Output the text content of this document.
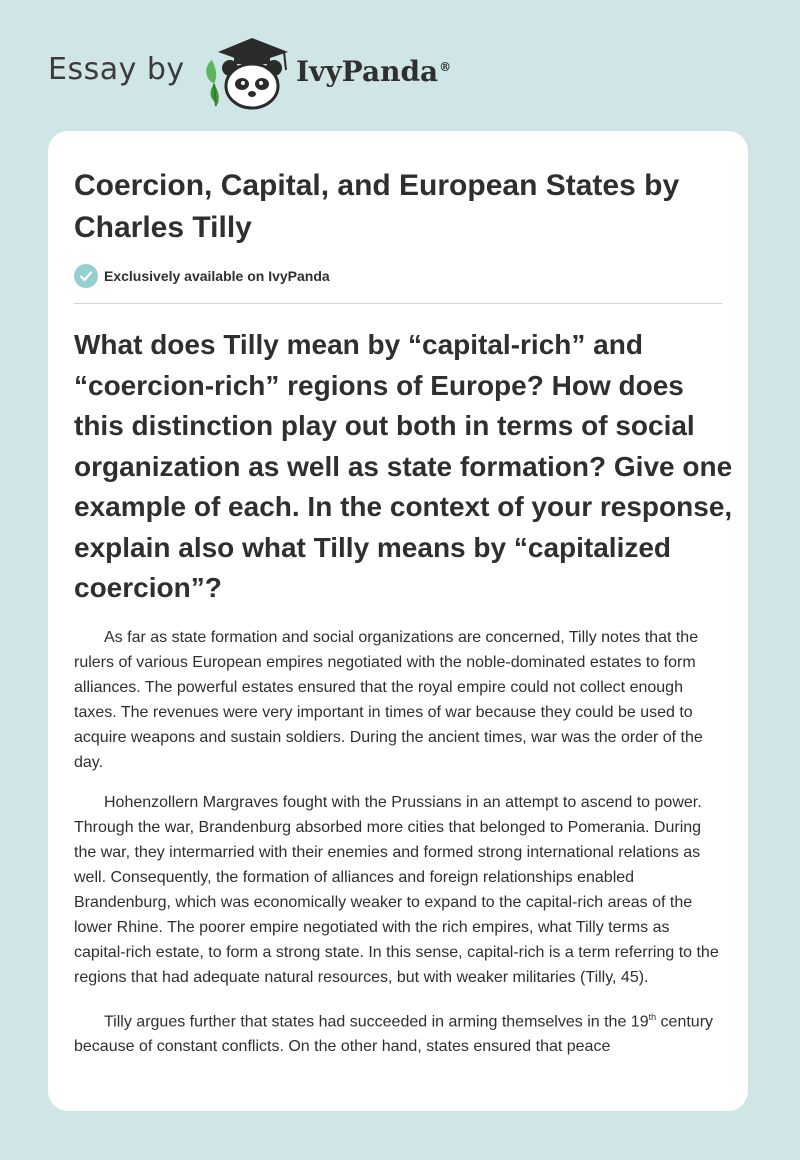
Essay by	IvyPanda®
Coercion, Capital, and European States by Charles Tilly
Exclusively available on IvyPanda
What does Tilly mean by “capital-rich” and “coercion-rich” regions of Europe? How does this distinction play out both in terms of social organization as well as state formation? Give one example of each. In the context of your response, explain also what Tilly means by “capitalized coercion”?

As far as state formation and social organizations are concerned, Tilly notes that the rulers of various European empires negotiated with the noble-dominated estates to form alliances. The powerful estates ensured that the royal empire could not collect enough taxes. The revenues were very important in times of war because they could be used to acquire weapons and sustain soldiers. During the ancient times, war was the order of the day.

Hohenzollern Margraves fought with the Prussians in an attempt to ascend to power. Through the war, Brandenburg absorbed more cities that belonged to Pomerania. During the war, they intermarried with their enemies and formed strong international relations as well. Consequently, the formation of alliances and foreign relationships enabled Brandenburg, which was economically weaker to expand to the capital-rich areas of the lower Rhine. The poorer empire negotiated with the rich empires, what Tilly terms as capital-rich estate, to form a strong state. In this sense, capital-rich is a term referring to the regions that had adequate natural resources, but with weaker militaries (Tilly, 45).

Tilly argues further that states had succeeded in arming themselves in the 19th century because of constant conflicts. On the other hand, states ensured that peace
